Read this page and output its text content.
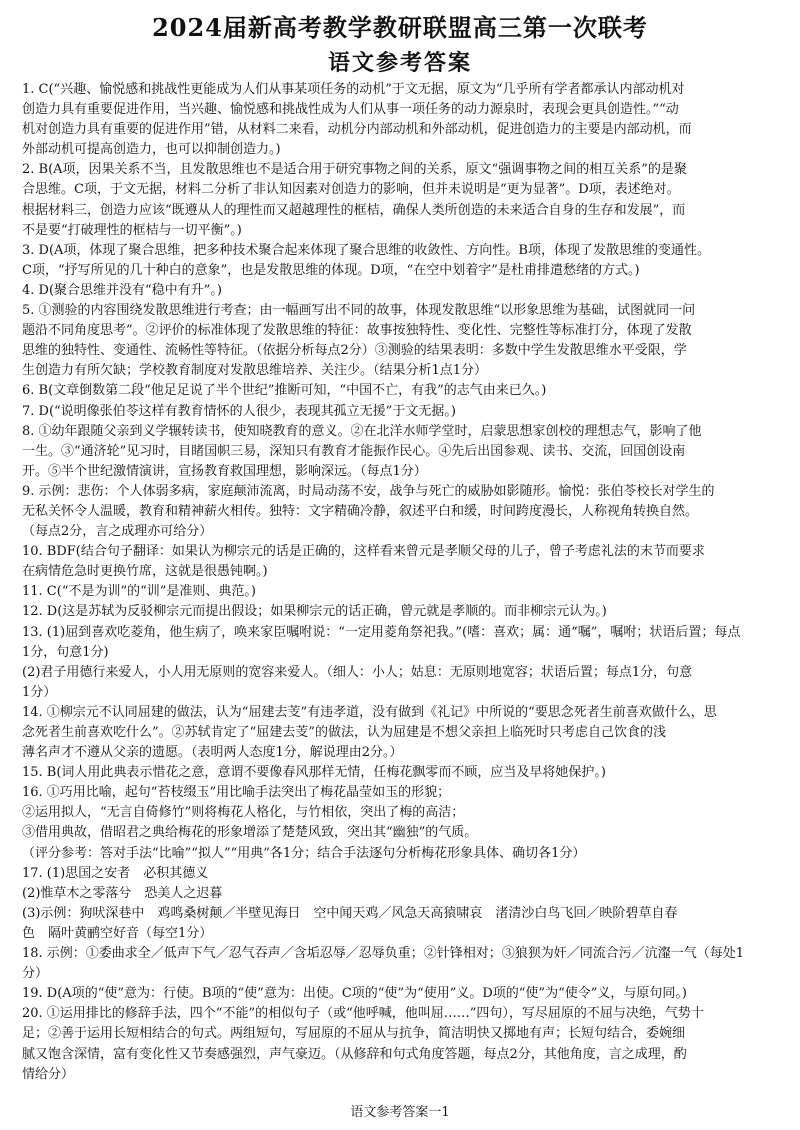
2024届新高考教学教研联盟高三第一次联考
语文参考答案
1. C(“兴趣、愉悦感和挑战性更能成为人们从事某项任务的动机”于文无据，原文为“几乎所有学者都承认内部动机对
创造力具有重要促进作用，当兴趣、愉悦感和挑战性成为人们从事一项任务的动力源泉时，表现会更具创造性。”“动
机对创造力具有重要的促进作用”错，从材料二来看，动机分内部动机和外部动机，促进创造力的主要是内部动机，而
外部动机可提高创造力，也可以抑制创造力。)
2. B(A项，因果关系不当，且发散思维也不是适合用于研究事物之间的关系，原文“强调事物之间的相互关系”的是聚
合思维。C项，于文无据，材料二分析了非认知因素对创造力的影响，但并未说明是“更为显著”。D项，表述绝对。
根据材料三，创造力应该“既遵从人的理性而又超越理性的框桔，确保人类所创造的未来适合自身的生存和发展”，而
不是要“打破理性的框桔与一切平衡”。)
3. D(A项，体现了聚合思维，把多种技术聚合起来体现了聚合思维的收敛性、方向性。B项，体现了发散思维的变通性。
C项，“抒写所见的几十种白的意象”，也是发散思维的体现。D项，“在空中划着字”是杜甫排遣愁绪的方式。)
4. D(聚合思维并没有“稳中有升”。)
5. ①测验的内容围绕发散思维进行考查；由一幅画写出不同的故事，体现发散思维“以形象思维为基础，试图就同一问
题沿不同角度思考”。②评价的标准体现了发散思维的特征：故事按独特性、变化性、完整性等标准打分，体现了发散
思维的独特性、变通性、流畅性等特征。（依据分析每点2分）③测验的结果表明：多数中学生发散思维水平受限，学
生创造力有所欠缺；学校教育制度对发散思维培养、关注少。（结果分析1点1分）
6. B(文章倒数第二段“他足足说了半个世纪”推断可知，“中国不亡，有我”的志气由来已久。)
7. D(“说明像张伯苓这样有教育情怀的人很少，表现其孤立无援”于文无据。)
8. ①幼年跟随父亲到义学辗转读书，使知晓教育的意义。②在北洋水师学堂时，启蒙思想家创校的理想志气，影响了他
一生。③“通济轮”见习时，目睹国帜三易，深知只有教育才能振作民心。④先后出国参观、读书、交流，回国创设南
开。⑤半个世纪激情演讲，宣扬教育救国理想，影响深远。（每点1分）
9. 示例：悲伤：个人体弱多病，家庭颠沛流离，时局动荡不安，战争与死亡的威胁如影随形。愉悦：张伯苓校长对学生的
无私关怀令人温暖，教育和精神薪火相传。独特：文字精确冷静，叙述平白和缓，时间跨度漫长，人称视角转换自然。
（每点2分，言之成理亦可给分）
10. BDF(结合句子翻译：如果认为柳宗元的话是正确的，这样看来曾元是孝顺父母的儿子，曾子考虑礼法的末节而要求
在病情危急时更换竹席，这就是很愚钝啊。)
11. C(“不是为训”的“训”是准则、典范。)
12. D(这是苏轼为反驳柳宗元而提出假设；如果柳宗元的话正确，曾元就是孝顺的。而非柳宗元认为。)
13. (1)屈到喜欢吃菱角，他生病了，唤来家臣嘱咐说：“一定用菱角祭祀我。”(嗜：喜欢；属：通“嘱”，嘱咐；状语后置；每点
1分，句意1分)
(2)君子用德行来爱人，小人用无原则的宽容来爱人。（细人：小人；姑息：无原则地宽容；状语后置；每点1分，句意
1分）
14. ①柳宗元不认同屈建的做法，认为“屈建去芰”有违孝道，没有做到《礼记》中所说的“要思念死者生前喜欢做什么，思
念死者生前喜欢吃什么”。②苏轼肯定了“屈建去芰”的做法，认为屈建是不想父亲担上临死时只考虑自己饮食的浅
薄名声才不遵从父亲的遗愿。（表明两人态度1分，解说理由2分。）
15. B(词人用此典表示惜花之意，意谓不要像春风那样无情，任梅花飘零而不顾，应当及早将她保护。)
16. ①巧用比喻，起句“苔枝缀玉”用比喻手法突出了梅花晶莹如玉的形貌；
②运用拟人，“无言自倚修竹”则将梅花人格化，与竹相依，突出了梅的高洁；
③借用典故，借昭君之典给梅花的形象增添了楚楚风致，突出其“幽独”的气质。
（评分参考：答对手法“比喻”“拟人”“用典”各1分；结合手法逐句分析梅花形象具体、确切各1分）
17. (1)思国之安者　必积其德义
(2)惟草木之零落兮　恐美人之迟暮
(3)示例：狗吠深巷中　鸡鸣桑树颠／半壁见海日　空中闻天鸡／风急天高猿啸哀　渚清沙白鸟飞回／映阶碧草自春
色　隔叶黄鹂空好音（每空1分）
18. 示例：①委曲求全／低声下气／忍气吞声／含垢忍辱／忍辱负重；②针锋相对；③狼狈为奸／同流合污／沆瀣一气（每处1
分）
19. D(A项的“使”意为：行使。B项的“使”意为：出使。C项的“使”为“使用”义。D项的“使”为“使令”义，与原句同。)
20. ①运用排比的修辞手法，四个“不能”的相似句子（或“他呼喊，他叫屈……”四句），写尽屈原的不屈与决绝，气势十
足；②善于运用长短相结合的句式。两组短句，写屈原的不屈从与抗争，简洁明快又掷地有声；长短句结合，委婉细
腻又饱含深情，富有变化性又节奏感强烈，声气豪迈。（从修辞和句式角度答题，每点2分，其他角度，言之成理，酌
情给分）
语文参考答案一1
